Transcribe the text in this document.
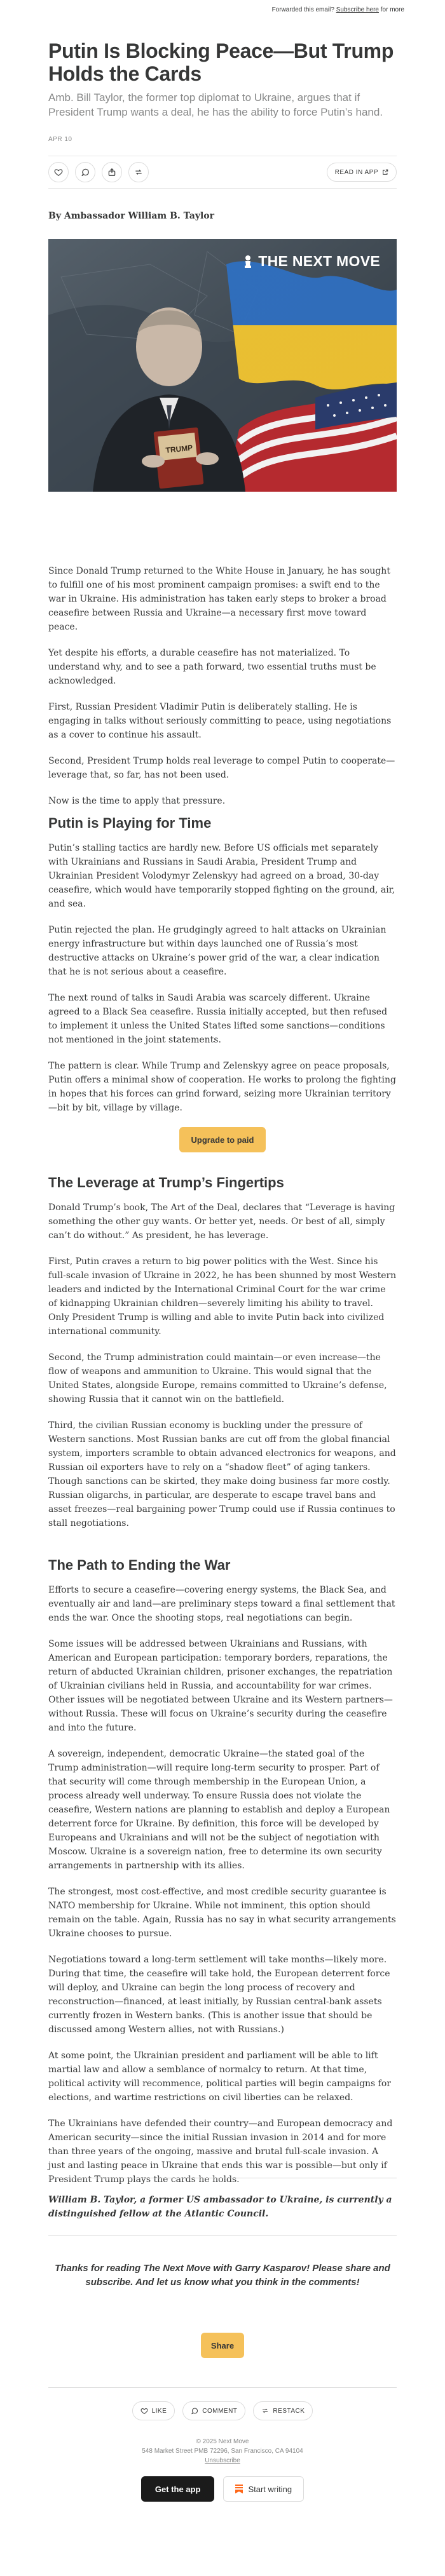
Forwarded this email? Subscribe here for more
Putin Is Blocking Peace—But Trump Holds the Cards
Amb. Bill Taylor, the former top diplomat to Ukraine, argues that if President Trump wants a deal, he has the ability to force Putin’s hand.
APR 10
READ IN APP
By Ambassador William B. Taylor
TRUMP
THE NEXT MOVE

Since Donald Trump returned to the White House in January, he has sought to fulfill one of his most prominent campaign promises: a swift end to the war in Ukraine. His administration has taken early steps to broker a broad ceasefire between Russia and Ukraine—a necessary first move toward peace.

Yet despite his efforts, a durable ceasefire has not materialized. To understand why, and to see a path forward, two essential truths must be acknowledged.

First, Russian President Vladimir Putin is deliberately stalling. He is engaging in talks without seriously committing to peace, using negotiations as a cover to continue his assault.

Second, President Trump holds real leverage to compel Putin to cooperate—leverage that, so far, has not been used.

Now is the time to apply that pressure.

Putin is Playing for Time

Putin’s stalling tactics are hardly new. Before US officials met separately with Ukrainians and Russians in Saudi Arabia, President Trump and Ukrainian President Volodymyr Zelenskyy had agreed on a broad, 30-day ceasefire, which would have temporarily stopped fighting on the ground, air, and sea.

Putin rejected the plan. He grudgingly agreed to halt attacks on Ukrainian energy infrastructure but within days launched one of Russia’s most destructive attacks on Ukraine’s power grid of the war, a clear indication that he is not serious about a ceasefire.

The next round of talks in Saudi Arabia was scarcely different. Ukraine agreed to a Black Sea ceasefire. Russia initially accepted, but then refused to implement it unless the United States lifted some sanctions—conditions not mentioned in the joint statements.

The pattern is clear. While Trump and Zelenskyy agree on peace proposals, Putin offers a minimal show of cooperation. He works to prolong the fighting in hopes that his forces can grind forward, seizing more Ukrainian territory—bit by bit, village by village.

Upgrade to paid
The Leverage at Trump’s Fingertips

Donald Trump’s book, The Art of the Deal, declares that “Leverage is having something the other guy wants. Or better yet, needs. Or best of all, simply can’t do without.” As president, he has leverage.

First, Putin craves a return to big power politics with the West. Since his full-scale invasion of Ukraine in 2022, he has been shunned by most Western leaders and indicted by the International Criminal Court for the war crime of kidnapping Ukrainian children—severely limiting his ability to travel. Only President Trump is willing and able to invite Putin back into civilized international community.

Second, the Trump administration could maintain—or even increase—the flow of weapons and ammunition to Ukraine. This would signal that the United States, alongside Europe, remains committed to Ukraine’s defense, showing Russia that it cannot win on the battlefield.

Third, the civilian Russian economy is buckling under the pressure of Western sanctions. Most Russian banks are cut off from the global financial system, importers scramble to obtain advanced electronics for weapons, and Russian oil exporters have to rely on a “shadow fleet” of aging tankers. Though sanctions can be skirted, they make doing business far more costly. Russian oligarchs, in particular, are desperate to escape travel bans and asset freezes—real bargaining power Trump could use if Russia continues to stall negotiations.

The Path to Ending the War

Efforts to secure a ceasefire—covering energy systems, the Black Sea, and eventually air and land—are preliminary steps toward a final settlement that ends the war. Once the shooting stops, real negotiations can begin.

Some issues will be addressed between Ukrainians and Russians, with American and European participation: temporary borders, reparations, the return of abducted Ukrainian children, prisoner exchanges, the repatriation of Ukrainian civilians held in Russia, and accountability for war crimes. Other issues will be negotiated between Ukraine and its Western partners—without Russia. These will focus on Ukraine’s security during the ceasefire and into the future.

A sovereign, independent, democratic Ukraine—the stated goal of the Trump administration—will require long-term security to prosper. Part of that security will come through membership in the European Union, a process already well underway. To ensure Russia does not violate the ceasefire, Western nations are planning to establish and deploy a European deterrent force for Ukraine. By definition, this force will be developed by Europeans and Ukrainians and will not be the subject of negotiation with Moscow. Ukraine is a sovereign nation, free to determine its own security arrangements in partnership with its allies.

The strongest, most cost-effective, and most credible security guarantee is NATO membership for Ukraine. While not imminent, this option should remain on the table. Again, Russia has no say in what security arrangements Ukraine chooses to pursue.

Negotiations toward a long-term settlement will take months—likely more. During that time, the ceasefire will take hold, the European deterrent force will deploy, and Ukraine can begin the long process of recovery and reconstruction—financed, at least initially, by Russian central-bank assets currently frozen in Western banks. (This is another issue that should be discussed among Western allies, not with Russians.)

At some point, the Ukrainian president and parliament will be able to lift martial law and allow a semblance of normalcy to return. At that time, political activity will recommence, political parties will begin campaigns for elections, and wartime restrictions on civil liberties can be relaxed.

The Ukrainians have defended their country—and European democracy and American security—since the initial Russian invasion in 2014 and for more than three years of the ongoing, massive and brutal full-scale invasion. A just and lasting peace in Ukraine that ends this war is possible—but only if President Trump plays the cards he holds.

William B. Taylor, a former US ambassador to Ukraine, is currently a distinguished fellow at the Atlantic Council.

Thanks for reading The Next Move with Garry Kasparov! Please share and subscribe. And let us know what you think in the comments!

Share
LIKE	COMMENT	RESTACK
© 2025 Next Move
548 Market Street PMB 72296, San Francisco, CA 94104
Unsubscribe
Get the app	Start writing
